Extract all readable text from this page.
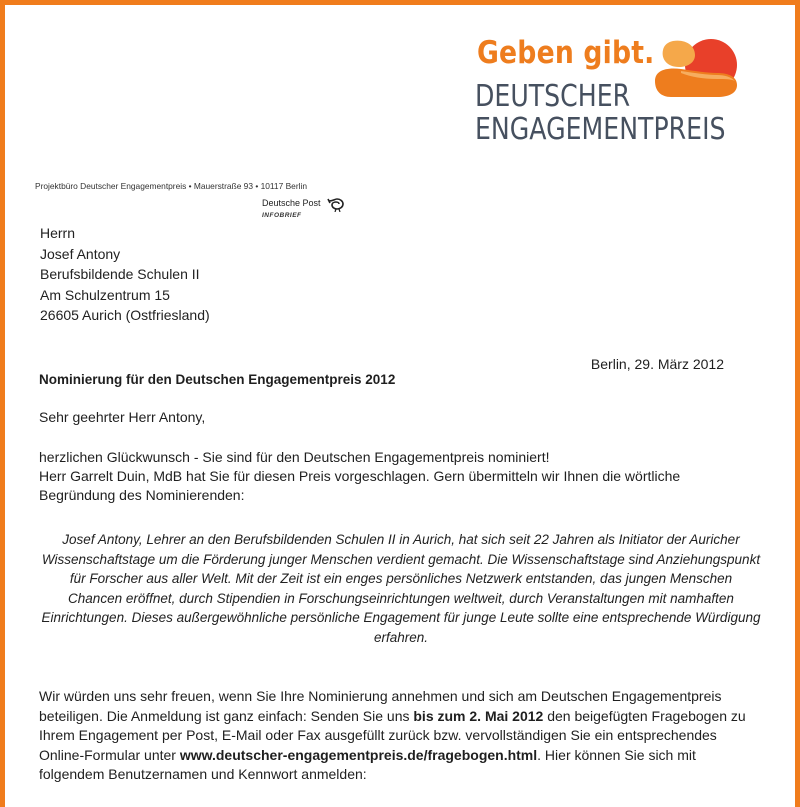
Geben gibt.
DEUTSCHER
ENGAGEMENTPREIS
Projektbüro Deutscher Engagementpreis • Mauerstraße 93 • 10117 Berlin
Deutsche Post
INFOBRIEF
Herrn
Josef Antony
Berufsbildende Schulen II
Am Schulzentrum 15
26605 Aurich (Ostfriesland)
Berlin, 29. März 2012
Nominierung für den Deutschen Engagementpreis 2012
Sehr geehrter Herr Antony,

herzlichen Glückwunsch - Sie sind für den Deutschen Engagementpreis nominiert!

Herr Garrelt Duin, MdB hat Sie für diesen Preis vorgeschlagen. Gern übermitteln wir Ihnen die wörtliche Begründung des Nominierenden:

Josef Antony, Lehrer an den Berufsbildenden Schulen II in Aurich, hat sich seit 22 Jahren als Initiator der Auricher Wissenschaftstage um die Förderung junger Menschen verdient gemacht. Die Wissenschaftstage sind Anziehungspunkt für Forscher aus aller Welt. Mit der Zeit ist ein enges persönliches Netzwerk entstanden, das jungen Menschen Chancen eröffnet, durch Stipendien in Forschungseinrichtungen weltweit, durch Veranstaltungen mit namhaften Einrichtungen. Dieses außergewöhnliche persönliche Engagement für junge Leute sollte eine entsprechende Würdigung erfahren.
Wir würden uns sehr freuen, wenn Sie Ihre Nominierung annehmen und sich am Deutschen Engagementpreis beteiligen. Die Anmeldung ist ganz einfach: Senden Sie uns bis zum 2. Mai 2012 den beigefügten Fragebogen zu Ihrem Engagement per Post, E-Mail oder Fax ausgefüllt zurück bzw. vervollständigen Sie ein entsprechendes Online-Formular unter www.deutscher-engagementpreis.de/fragebogen.html. Hier können Sie sich mit folgendem Benutzernamen und Kennwort anmelden:
